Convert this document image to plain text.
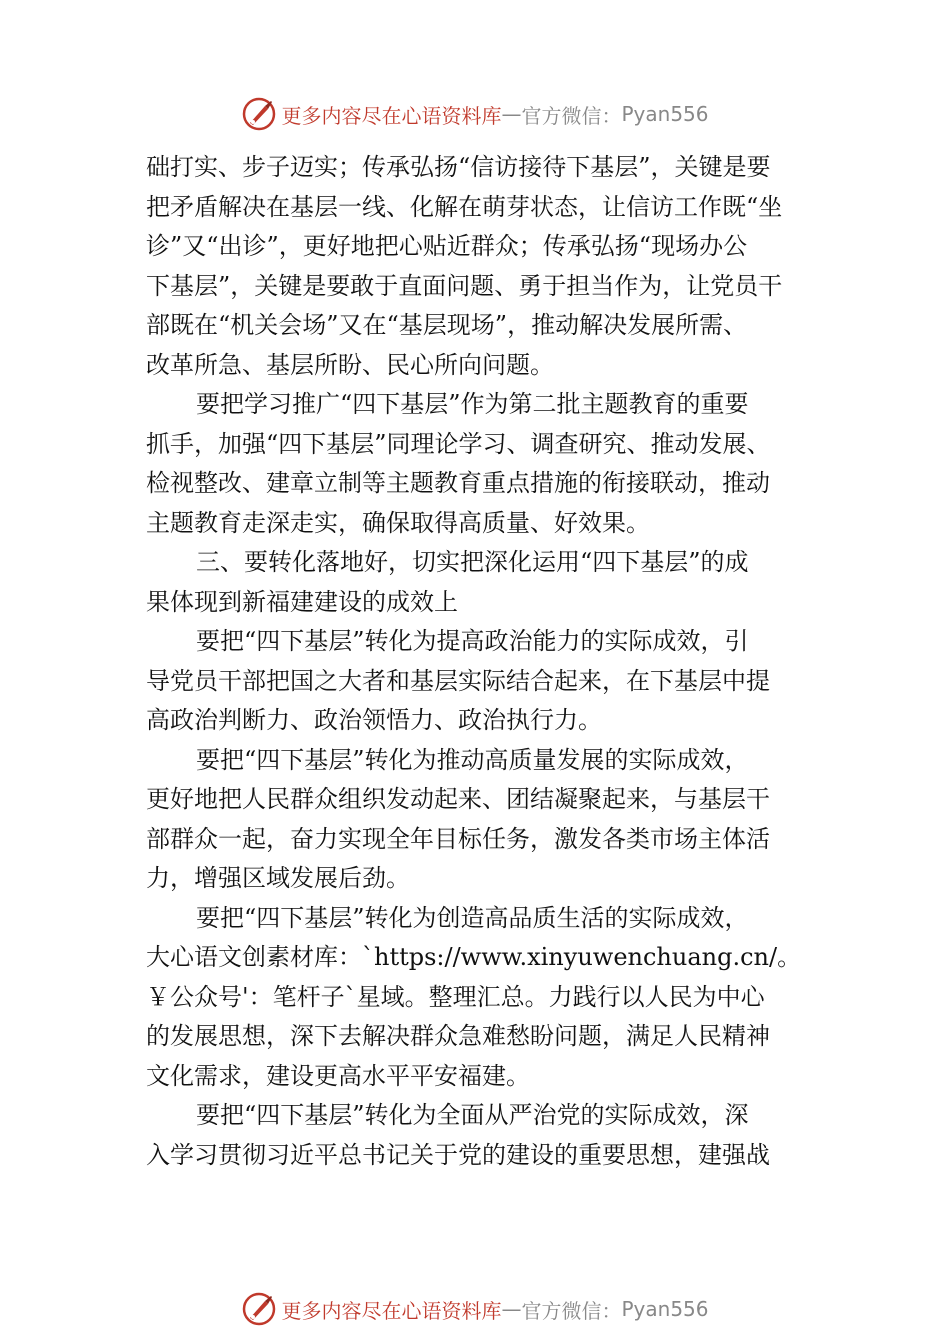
更多内容尽在心语资料库 — 官方微信： Pyan556
础打实、步子迈实；传承弘扬“信访接待下基层”，关键是要
把矛盾解决在基层一线、化解在萌芽状态，让信访工作既“坐
诊”又“出诊”，更好地把心贴近群众；传承弘扬“现场办公
下基层”，关键是要敢于直面问题、勇于担当作为，让党员干
部既在“机关会场”又在“基层现场”，推动解决发展所需、
改革所急、基层所盼、民心所向问题。
要把学习推广“四下基层”作为第二批主题教育的重要
抓手，加强“四下基层”同理论学习、调查研究、推动发展、
检视整改、建章立制等主题教育重点措施的衔接联动，推动
主题教育走深走实，确保取得高质量、好效果。
三、要转化落地好，切实把深化运用“四下基层”的成
果体现到新福建建设的成效上
要把“四下基层”转化为提高政治能力的实际成效，引
导党员干部把国之大者和基层实际结合起来，在下基层中提
高政治判断力、政治领悟力、政治执行力。
要把“四下基层”转化为推动高质量发展的实际成效，
更好地把人民群众组织发动起来、团结凝聚起来，与基层干
部群众一起，奋力实现全年目标任务，激发各类市场主体活
力，增强区域发展后劲。
要把“四下基层”转化为创造高品质生活的实际成效，
大心语文创素材库：`https://www.xinyuwenchuang.cn/。
￥公众号'：笔杆子`星域。整理汇总。力践行以人民为中心
的发展思想，深下去解决群众急难愁盼问题，满足人民精神
文化需求，建设更高水平平安福建。
要把“四下基层”转化为全面从严治党的实际成效，深
入学习贯彻习近平总书记关于党的建设的重要思想，建强战
更多内容尽在心语资料库 — 官方微信： Pyan556
